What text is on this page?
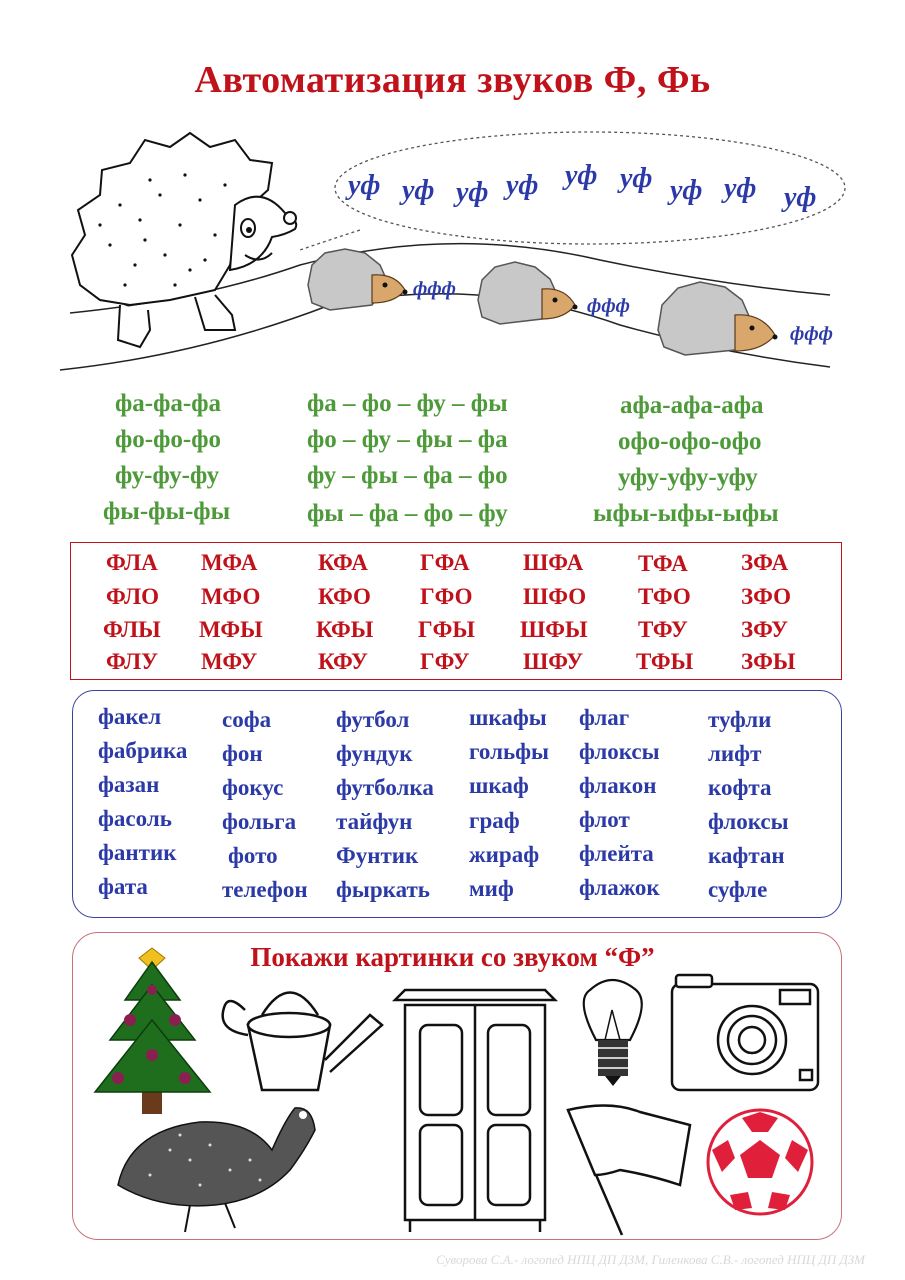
Автоматизация звуков Ф, Фь
уф уф уф уф уф уф уф уф уф
ффф
ффф
ффф
фа-фа-фа
фо-фо-фо
фу-фу-фу
фы-фы-фы
фа – фо – фу – фы
фо – фу – фы – фа
фу – фы – фа – фо
фы – фа – фо – фу
афа-афа-афа
офо-офо-офо
уфу-уфу-уфу
ыфы-ыфы-ыфы
ФЛА
ФЛО
ФЛЫ
ФЛУ
МФА
МФО
МФЫ
МФУ
КФА
КФО
КФЫ
КФУ
ГФА
ГФО
ГФЫ
ГФУ
ШФА
ШФО
ШФЫ
ШФУ
ТФА
ТФО
ТФУ
ТФЫ
ЗФА
ЗФО
ЗФУ
ЗФЫ
факел
фабрика
фазан
фасоль
фантик
фата
софа
фон
фокус
фольга
фото
телефон
футбол
фундук
футболка
тайфун
Фунтик
фыркать
шкафы
гольфы
шкаф
граф
жираф
миф
флаг
флоксы
флакон
флот
флейта
флажок
туфли
лифт
кофта
флоксы
кафтан
суфле
Покажи картинки со звуком “Ф”
Суворова С.А.- логопед НПЦ ДП ДЗМ, Гиленкова С.В.- логопед НПЦ ДП ДЗМ
